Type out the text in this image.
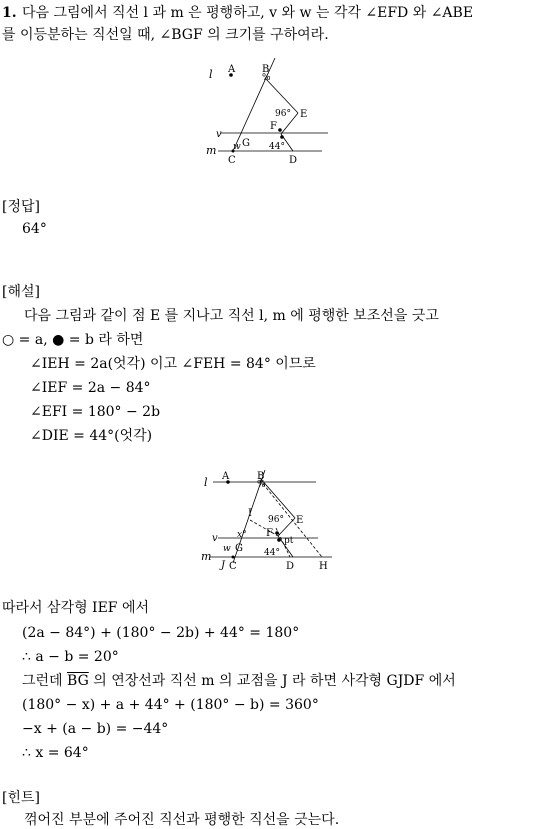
1. 다음 그림에서 직선 l 과 m 은 평행하고, v 와 w 는 각각 ∠EFD 와 ∠ABE
를 이등분하는 직선일 때, ∠BGF 의 크기를 구하여라.
%
l A	B
96° E
F
v
G
w
m	44°
C	D
[정답]
64°
[해설]
다음 그림과 같이 점 E 를 지나고 직선 l, m 에 평행한 보조선을 긋고
○ = a, ● = b 라 하면
∠IEH = 2a(엇각) 이고 ∠FEH = 84° 이므로
∠IEF = 2a − 84°
∠EFI = 180° − 2b
∠DIE = 44°(엇각)
%
l A	B
I
96° E
F
pt
x°
v
w G
m	44°
J C	D H
따라서 삼각형 IEF 에서
(2a − 84°) + (180° − 2b) + 44° = 180°
∴ a − b = 20°
그런데 $\overline{BG}$ 의 연장선과 직선 m 의 교점을 J 라 하면 사각형 GJDF 에서
(180° − x) + a + 44° + (180° − b) = 360°
−x + (a − b) = −44°
∴ x = 64°
[힌트]
꺾어진 부분에 주어진 직선과 평행한 직선을 긋는다.
